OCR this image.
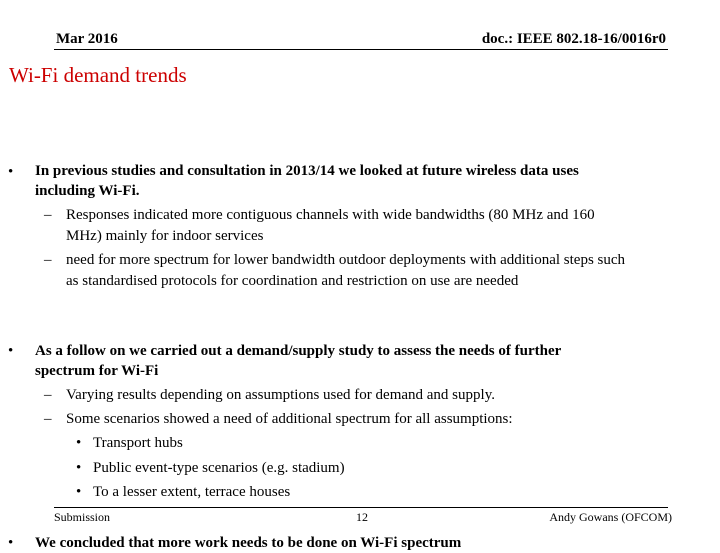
Mar 2016	doc.: IEEE 802.18-16/0016r0
Wi-Fi demand trends
• In previous studies and consultation in 2013/14 we looked at future wireless data uses including Wi-Fi.

– Responses indicated more contiguous channels with wide bandwidths (80 MHz and 160 MHz) mainly for indoor services

– need for more spectrum for lower bandwidth outdoor deployments with additional steps such as standardised protocols for coordination and restriction on use are needed

• As a follow on we carried out a demand/supply study to assess the needs of further spectrum for Wi-Fi

– Varying results depending on assumptions used for demand and supply.

– Some scenarios showed a need of additional spectrum for all assumptions:

• Transport hubs

• Public event-type scenarios (e.g. stadium)

• To a lesser extent, terrace houses

Submission	12	Andy Gowans (OFCOM)
• We concluded that more work needs to be done on Wi-Fi spectrum
